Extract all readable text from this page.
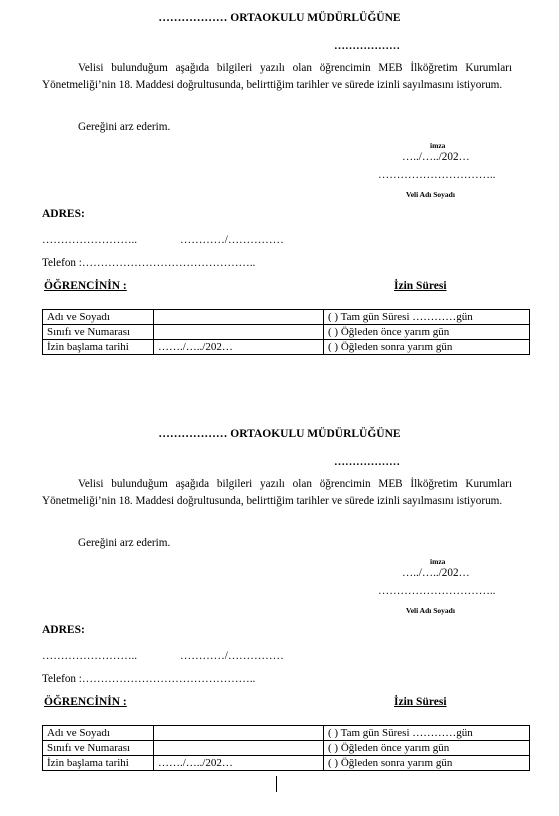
……………… ORTAOKULU MÜDÜRLÜĞÜNE
………………
Velisi bulunduğum aşağıda bilgileri yazılı olan öğrencimin MEB İlköğretim Kurumları Yönetmeliği’nin 18. Maddesi doğrultusunda, belirttiğim tarihler ve sürede izinli sayılmasını istiyorum.
Gereğini arz ederim.
imza
…../…../202…
…………………………..
Veli Adı Soyadı
ADRES:
……………………..	…………/……………
Telefon :………………………………………..
ÖĞRENCİNİN :	İzin Süresi
Adı ve Soyadı		( ) Tam gün Süresi …………gün
Sınıfı ve Numarası		( ) Öğleden önce yarım gün
İzin başlama tarihi	……./…../202…	( ) Öğleden sonra yarım gün
……………… ORTAOKULU MÜDÜRLÜĞÜNE
………………
Velisi bulunduğum aşağıda bilgileri yazılı olan öğrencimin MEB İlköğretim Kurumları Yönetmeliği’nin 18. Maddesi doğrultusunda, belirttiğim tarihler ve sürede izinli sayılmasını istiyorum.
Gereğini arz ederim.
imza
…../…../202…
…………………………..
Veli Adı Soyadı
ADRES:
……………………..	…………/……………
Telefon :………………………………………..
ÖĞRENCİNİN :	İzin Süresi
Adı ve Soyadı		( ) Tam gün Süresi …………gün
Sınıfı ve Numarası		( ) Öğleden önce yarım gün
İzin başlama tarihi	……./…../202…	( ) Öğleden sonra yarım gün
